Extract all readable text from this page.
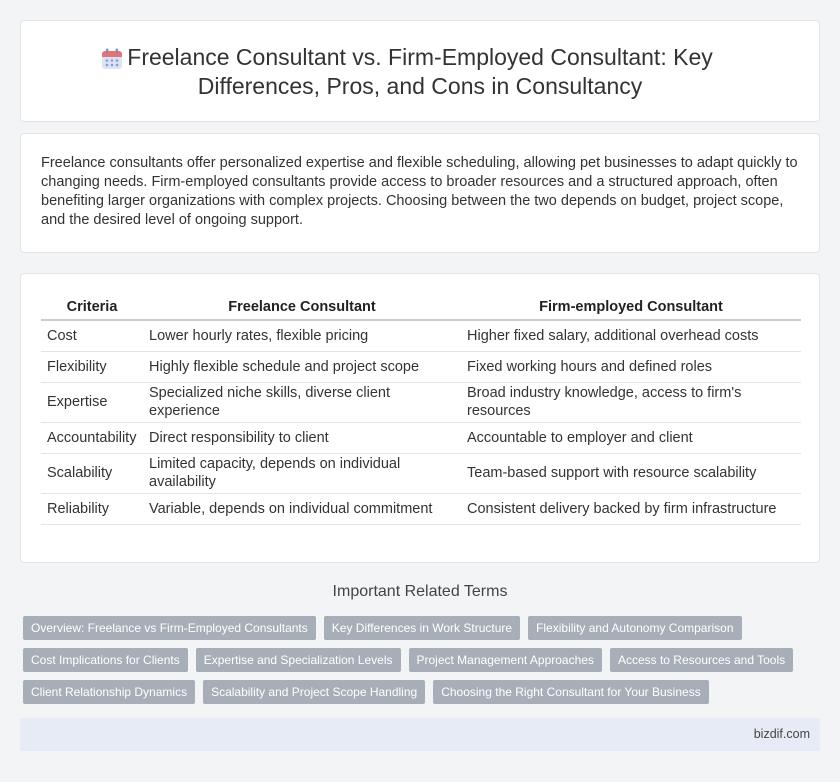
Freelance Consultant vs. Firm-Employed Consultant: Key Differences, Pros, and Cons in Consultancy

Freelance consultants offer personalized expertise and flexible scheduling, allowing pet businesses to adapt quickly to changing needs. Firm-employed consultants provide access to broader resources and a structured approach, often benefiting larger organizations with complex projects. Choosing between the two depends on budget, project scope, and the desired level of ongoing support.

Criteria	Freelance Consultant	Firm-employed Consultant
Cost	Lower hourly rates, flexible pricing	Higher fixed salary, additional overhead costs
Flexibility	Highly flexible schedule and project scope	Fixed working hours and defined roles
Expertise	Specialized niche skills, diverse client experience	Broad industry knowledge, access to firm's resources
Accountability	Direct responsibility to client	Accountable to employer and client
Scalability	Limited capacity, depends on individual availability	Team-based support with resource scalability
Reliability	Variable, depends on individual commitment	Consistent delivery backed by firm infrastructure
Important Related Terms
Overview: Freelance vs Firm-Employed Consultants	Key Differences in Work Structure	Flexibility and Autonomy Comparison
Cost Implications for Clients	Expertise and Specialization Levels	Project Management Approaches	Access to Resources and Tools
Client Relationship Dynamics	Scalability and Project Scope Handling	Choosing the Right Consultant for Your Business
bizdif.com
